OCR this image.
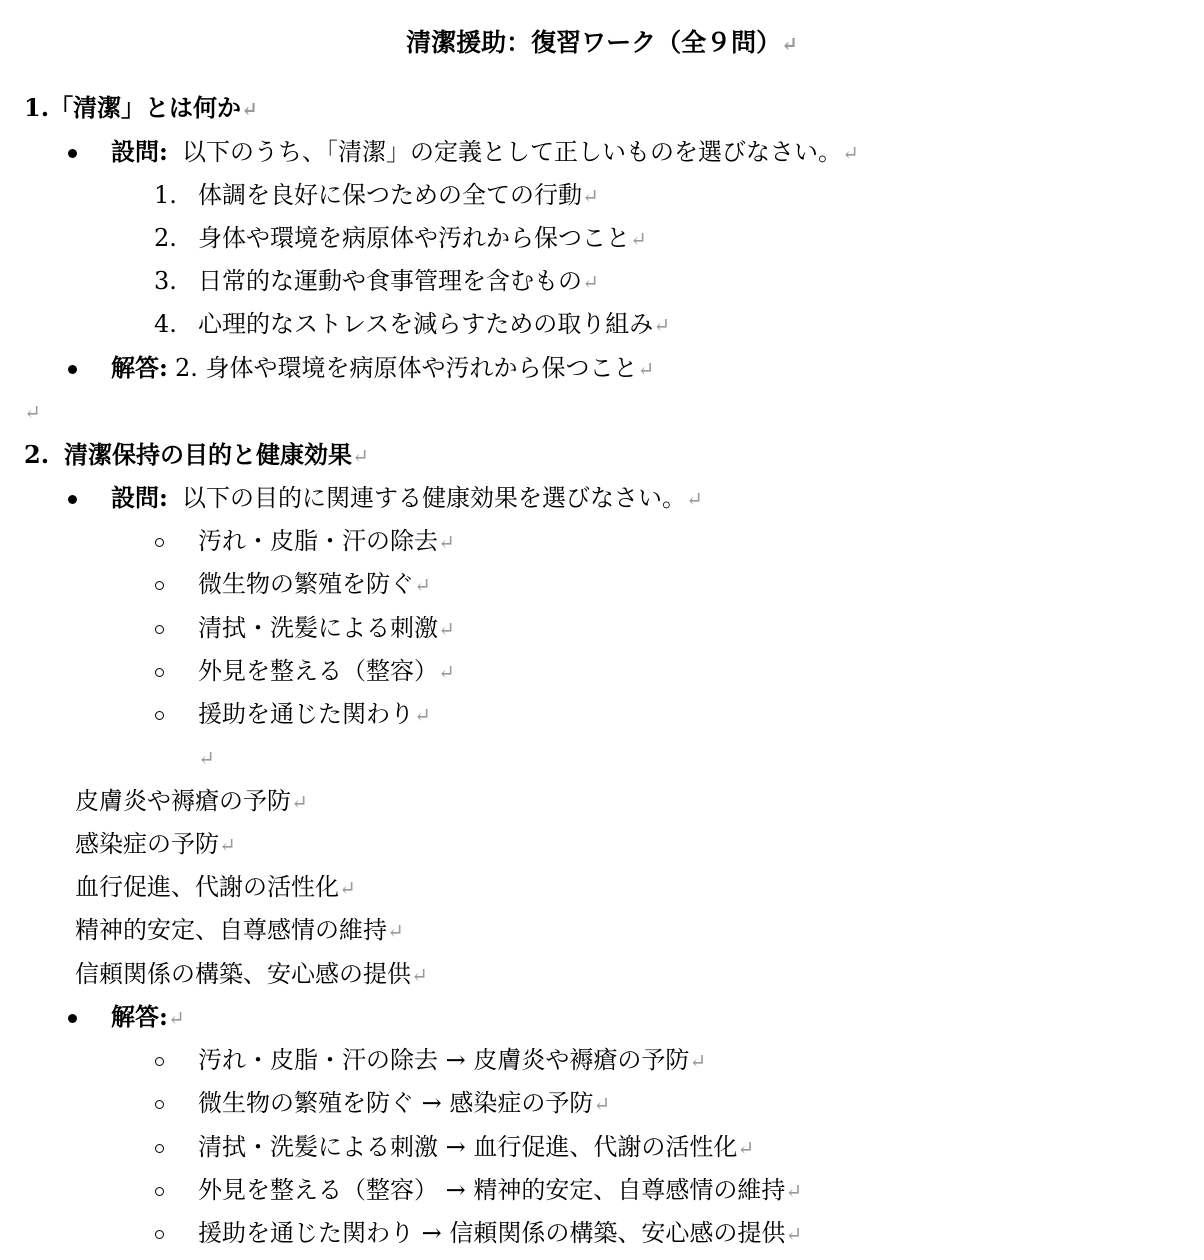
清潔援助：復習ワーク（全９問）↵
1.「清潔」とは何か↵
設問: 以下のうち、「清潔」の定義として正しいものを選びなさい。↵
1. 体調を良好に保つための全ての行動↵
2. 身体や環境を病原体や汚れから保つこと↵
3. 日常的な運動や食事管理を含むもの↵
4. 心理的なストレスを減らすための取り組み↵
解答: 2. 身体や環境を病原体や汚れから保つこと↵
↵
2. 清潔保持の目的と健康効果↵
設問: 以下の目的に関連する健康効果を選びなさい。↵
汚れ・皮脂・汗の除去↵
微生物の繁殖を防ぐ↵
清拭・洗髪による刺激↵
外見を整える（整容）↵
援助を通じた関わり↵
↵
皮膚炎や褥瘡の予防↵
感染症の予防↵
血行促進、代謝の活性化↵
精神的安定、自尊感情の維持↵
信頼関係の構築、安心感の提供↵
解答:↵
汚れ・皮脂・汗の除去 → 皮膚炎や褥瘡の予防↵
微生物の繁殖を防ぐ → 感染症の予防↵
清拭・洗髪による刺激 → 血行促進、代謝の活性化↵
外見を整える（整容） → 精神的安定、自尊感情の維持↵
援助を通じた関わり → 信頼関係の構築、安心感の提供↵
